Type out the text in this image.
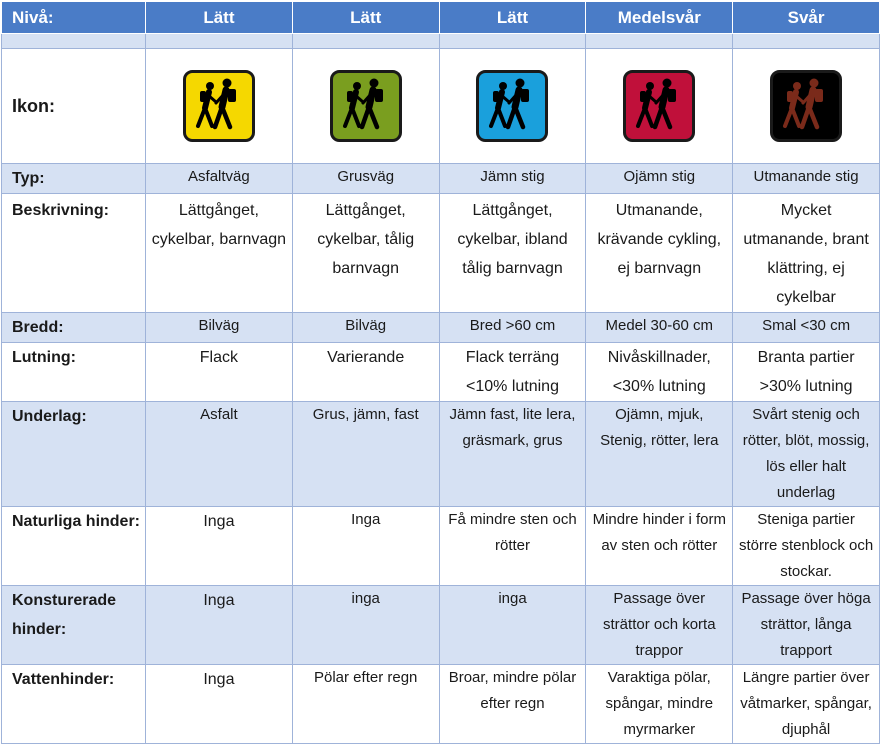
Nivå:	Lätt	Lätt	Lätt	Medelsvår	Svår

Ikon:	

Typ:	Asfaltväg	Grusväg	Jämn stig	Ojämn stig	Utmanande stig
Beskrivning:	Lättgånget, cykelbar, barnvagn	Lättgånget, cykelbar, tålig barnvagn	Lättgånget, cykelbar, ibland tålig barnvagn	Utmanande, krävande cykling, ej barnvagn	Mycket utmanande, brant klättring, ej cykelbar
Bredd:	Bilväg	Bilväg	Bred >60 cm	Medel 30-60 cm	Smal <30 cm
Lutning:	Flack	Varierande	Flack terräng <10% lutning	Nivåskillnader, <30% lutning	Branta partier >30% lutning
Underlag:	Asfalt	Grus, jämn, fast	Jämn fast, lite lera, gräsmark, grus	Ojämn, mjuk, Stenig, rötter, lera	Svårt stenig och rötter, blöt, mossig, lös eller halt underlag
Naturliga hinder:	Inga	Inga	Få mindre sten och rötter	Mindre hinder i form av sten och rötter	Steniga partier större stenblock och stockar.
Konsturerade hinder:	Inga	inga	inga	Passage över strättor och korta trappor	Passage över höga strättor, långa trapport
Vattenhinder:	Inga	Pölar efter regn	Broar, mindre pölar efter regn	Varaktiga pölar, spångar, mindre myrmarker	Längre partier över våtmarker, spångar, djuphål
